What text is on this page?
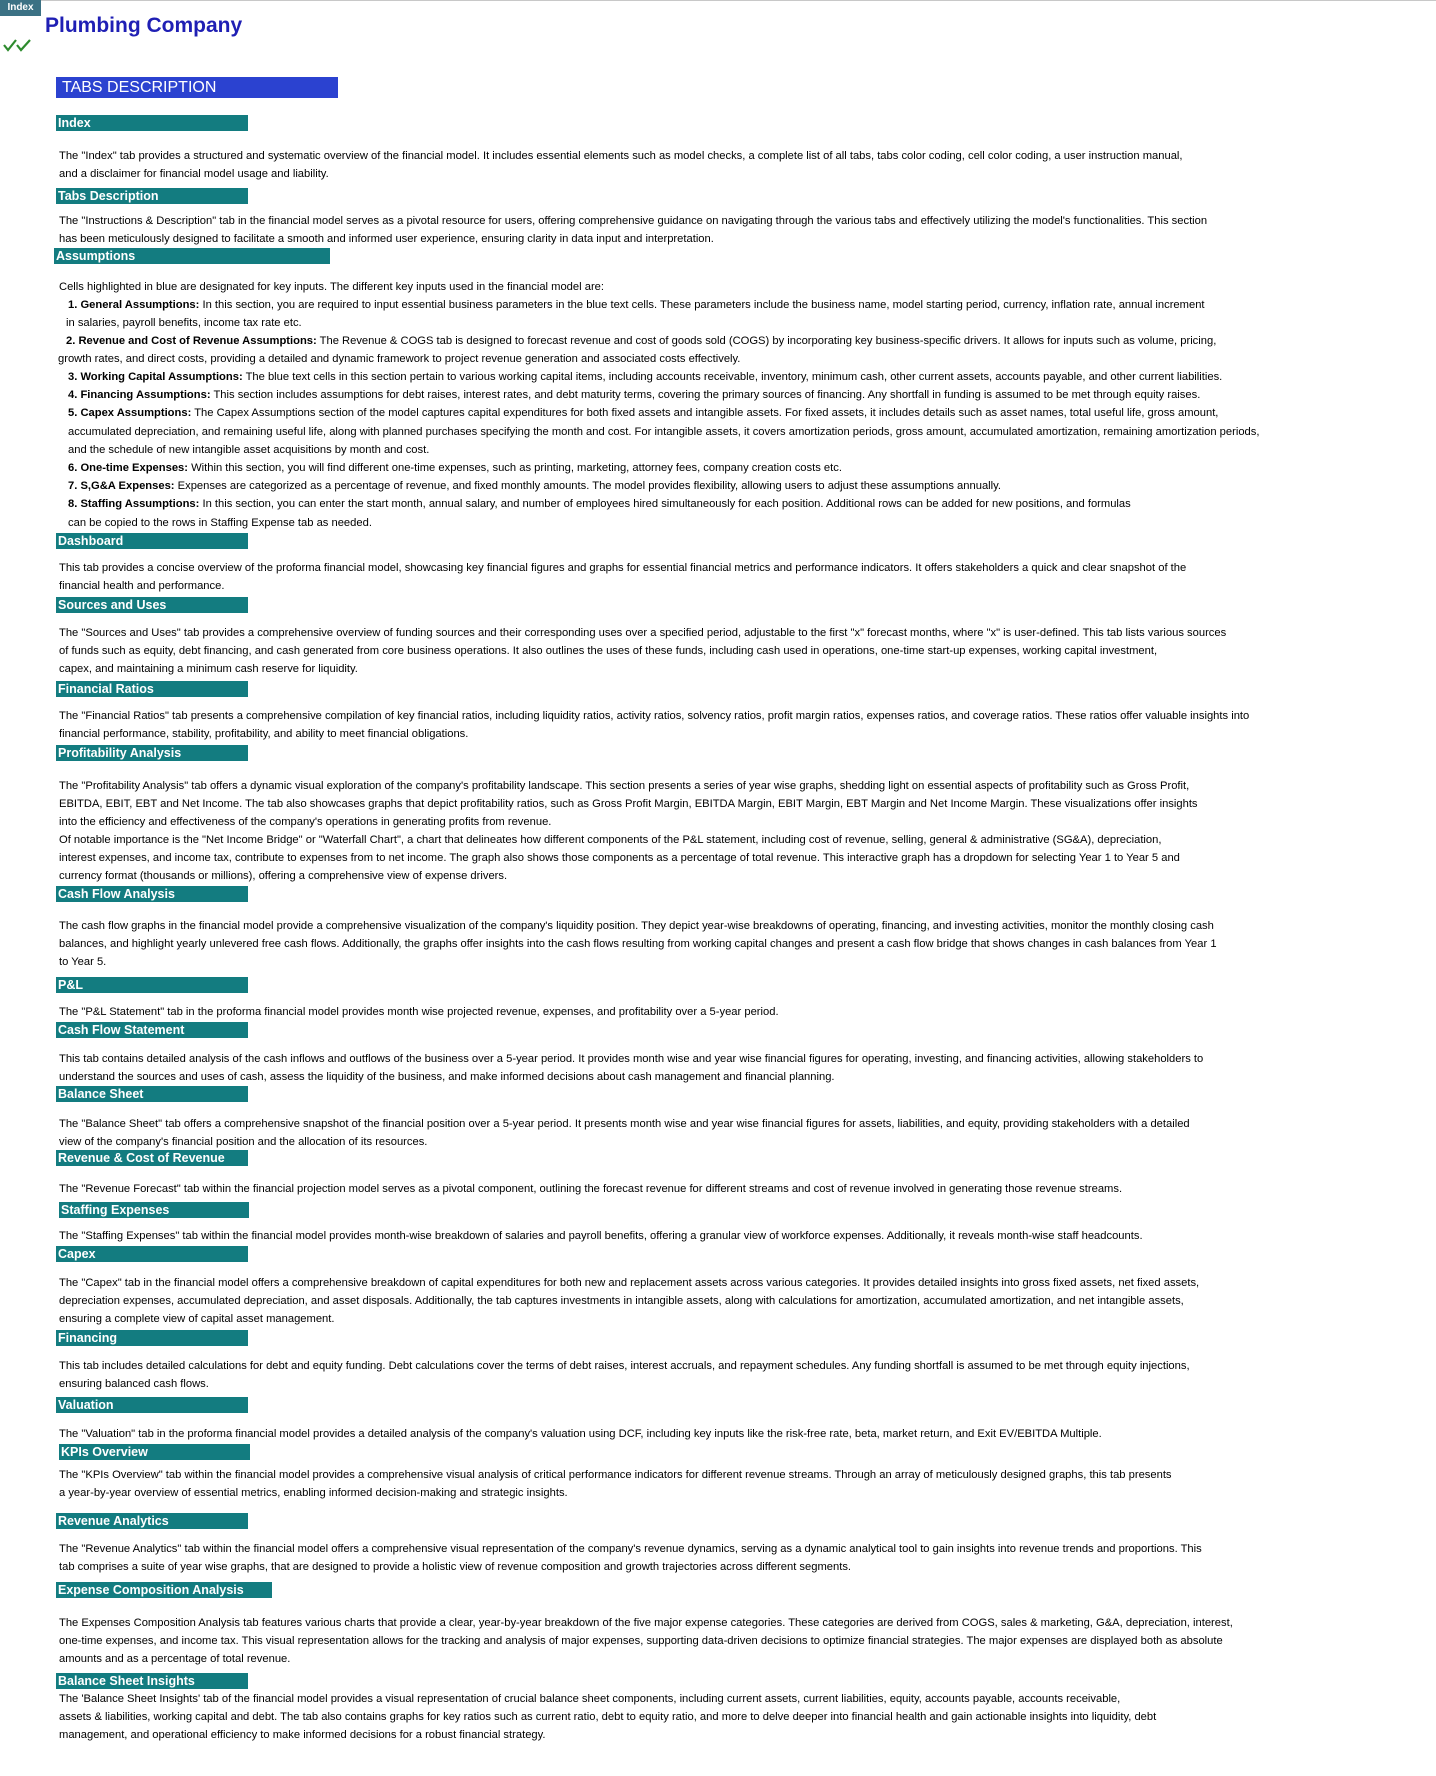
Index
Plumbing Company
TABS DESCRIPTION
Index
The "Index" tab provides a structured and systematic overview of the financial model. It includes essential elements such as model checks, a complete list of all tabs, tabs color coding, cell color coding, a user instruction manual,
and a disclaimer for financial model usage and liability.
Tabs Description
The "Instructions & Description" tab in the financial model serves as a pivotal resource for users, offering comprehensive guidance on navigating through the various tabs and effectively utilizing the model's functionalities. This section
has been meticulously designed to facilitate a smooth and informed user experience, ensuring clarity in data input and interpretation.
Assumptions
Cells highlighted in blue are designated for key inputs. The different key inputs used in the financial model are:
Dashboard
This tab provides a concise overview of the proforma financial model, showcasing key financial figures and graphs for essential financial metrics and performance indicators. It offers stakeholders a quick and clear snapshot of the
financial health and performance.
Sources and Uses
The "Sources and Uses" tab provides a comprehensive overview of funding sources and their corresponding uses over a specified period, adjustable to the first "x" forecast months, where "x" is user-defined. This tab lists various sources
of funds such as equity, debt financing, and cash generated from core business operations. It also outlines the uses of these funds, including cash used in operations, one-time start-up expenses, working capital investment,
capex, and maintaining a minimum cash reserve for liquidity.
Financial Ratios
The "Financial Ratios" tab presents a comprehensive compilation of key financial ratios, including liquidity ratios, activity ratios, solvency ratios, profit margin ratios, expenses ratios, and coverage ratios. These ratios offer valuable insights into
financial performance, stability, profitability, and ability to meet financial obligations.
Profitability Analysis
The "Profitability Analysis" tab offers a dynamic visual exploration of the company's profitability landscape. This section presents a series of year wise graphs, shedding light on essential aspects of profitability such as Gross Profit,
EBITDA, EBIT, EBT and Net Income. The tab also showcases graphs that depict profitability ratios, such as Gross Profit Margin, EBITDA Margin, EBIT Margin, EBT Margin and Net Income Margin. These visualizations offer insights
into the efficiency and effectiveness of the company's operations in generating profits from revenue.
Of notable importance is the "Net Income Bridge" or "Waterfall Chart", a chart that delineates how different components of the P&L statement, including cost of revenue, selling, general & administrative (SG&A), depreciation,
interest expenses, and income tax, contribute to expenses from to net income. The graph also shows those components as a percentage of total revenue. This interactive graph has a dropdown for selecting Year 1 to Year 5 and
currency format (thousands or millions), offering a comprehensive view of expense drivers.
Cash Flow Analysis
The cash flow graphs in the financial model provide a comprehensive visualization of the company's liquidity position. They depict year-wise breakdowns of operating, financing, and investing activities, monitor the monthly closing cash
balances, and highlight yearly unlevered free cash flows. Additionally, the graphs offer insights into the cash flows resulting from working capital changes and present a cash flow bridge that shows changes in cash balances from Year 1
to Year 5.
P&L
The "P&L Statement" tab in the proforma financial model provides month wise projected revenue, expenses, and profitability over a 5-year period.
Cash Flow Statement
This tab contains detailed analysis of the cash inflows and outflows of the business over a 5-year period. It provides month wise and year wise financial figures for operating, investing, and financing activities, allowing stakeholders to
understand the sources and uses of cash, assess the liquidity of the business, and make informed decisions about cash management and financial planning.
Balance Sheet
The "Balance Sheet" tab offers a comprehensive snapshot of the financial position over a 5-year period. It presents month wise and year wise financial figures for assets, liabilities, and equity, providing stakeholders with a detailed
view of the company's financial position and the allocation of its resources.
Revenue & Cost of Revenue
The "Revenue Forecast" tab within the financial projection model serves as a pivotal component, outlining the forecast revenue for different streams and cost of revenue involved in generating those revenue streams.
Staffing Expenses
The "Staffing Expenses" tab within the financial model provides month-wise breakdown of salaries and payroll benefits, offering a granular view of workforce expenses. Additionally, it reveals month-wise staff headcounts.
Capex
The "Capex" tab in the financial model offers a comprehensive breakdown of capital expenditures for both new and replacement assets across various categories. It provides detailed insights into gross fixed assets, net fixed assets,
depreciation expenses, accumulated depreciation, and asset disposals. Additionally, the tab captures investments in intangible assets, along with calculations for amortization, accumulated amortization, and net intangible assets,
ensuring a complete view of capital asset management.
Financing
This tab includes detailed calculations for debt and equity funding. Debt calculations cover the terms of debt raises, interest accruals, and repayment schedules. Any funding shortfall is assumed to be met through equity injections,
ensuring balanced cash flows.
Valuation
The "Valuation" tab in the proforma financial model provides a detailed analysis of the company's valuation using DCF, including key inputs like the risk-free rate, beta, market return, and Exit EV/EBITDA Multiple.
KPIs Overview
The "KPIs Overview" tab within the financial model provides a comprehensive visual analysis of critical performance indicators for different revenue streams. Through an array of meticulously designed graphs, this tab presents
a year-by-year overview of essential metrics, enabling informed decision-making and strategic insights.
Revenue Analytics
The "Revenue Analytics" tab within the financial model offers a comprehensive visual representation of the company's revenue dynamics, serving as a dynamic analytical tool to gain insights into revenue trends and proportions. This
tab comprises a suite of year wise graphs, that are designed to provide a holistic view of revenue composition and growth trajectories across different segments.
Expense Composition Analysis
The Expenses Composition Analysis tab features various charts that provide a clear, year-by-year breakdown of the five major expense categories. These categories are derived from COGS, sales & marketing, G&A, depreciation, interest,
one-time expenses, and income tax. This visual representation allows for the tracking and analysis of major expenses, supporting data-driven decisions to optimize financial strategies. The major expenses are displayed both as absolute
amounts and as a percentage of total revenue.
Balance Sheet Insights
The 'Balance Sheet Insights' tab of the financial model provides a visual representation of crucial balance sheet components, including current assets, current liabilities, equity, accounts payable, accounts receivable,
assets & liabilities, working capital and debt. The tab also contains graphs for key ratios such as current ratio, debt to equity ratio, and more to delve deeper into financial health and gain actionable insights into liquidity, debt
management, and operational efficiency to make informed decisions for a robust financial strategy.
1. General Assumptions: In this section, you are required to input essential business parameters in the blue text cells. These parameters include the business name, model starting period, currency, inflation rate, annual increment
in salaries, payroll benefits, income tax rate etc.
2. Revenue and Cost of Revenue Assumptions: The Revenue & COGS tab is designed to forecast revenue and cost of goods sold (COGS) by incorporating key business-specific drivers. It allows for inputs such as volume, pricing,
growth rates, and direct costs, providing a detailed and dynamic framework to project revenue generation and associated costs effectively.
3. Working Capital Assumptions: The blue text cells in this section pertain to various working capital items, including accounts receivable, inventory, minimum cash, other current assets, accounts payable, and other current liabilities.
4. Financing Assumptions: This section includes assumptions for debt raises, interest rates, and debt maturity terms, covering the primary sources of financing. Any shortfall in funding is assumed to be met through equity raises.
5. Capex Assumptions: The Capex Assumptions section of the model captures capital expenditures for both fixed assets and intangible assets. For fixed assets, it includes details such as asset names, total useful life, gross amount,
accumulated depreciation, and remaining useful life, along with planned purchases specifying the month and cost. For intangible assets, it covers amortization periods, gross amount, accumulated amortization, remaining amortization periods,
and the schedule of new intangible asset acquisitions by month and cost.
6. One-time Expenses: Within this section, you will find different one-time expenses, such as printing, marketing, attorney fees, company creation costs etc.
7. S,G&A Expenses: Expenses are categorized as a percentage of revenue, and fixed monthly amounts. The model provides flexibility, allowing users to adjust these assumptions annually.
8. Staffing Assumptions: In this section, you can enter the start month, annual salary, and number of employees hired simultaneously for each position. Additional rows can be added for new positions, and formulas
can be copied to the rows in Staffing Expense tab as needed.
